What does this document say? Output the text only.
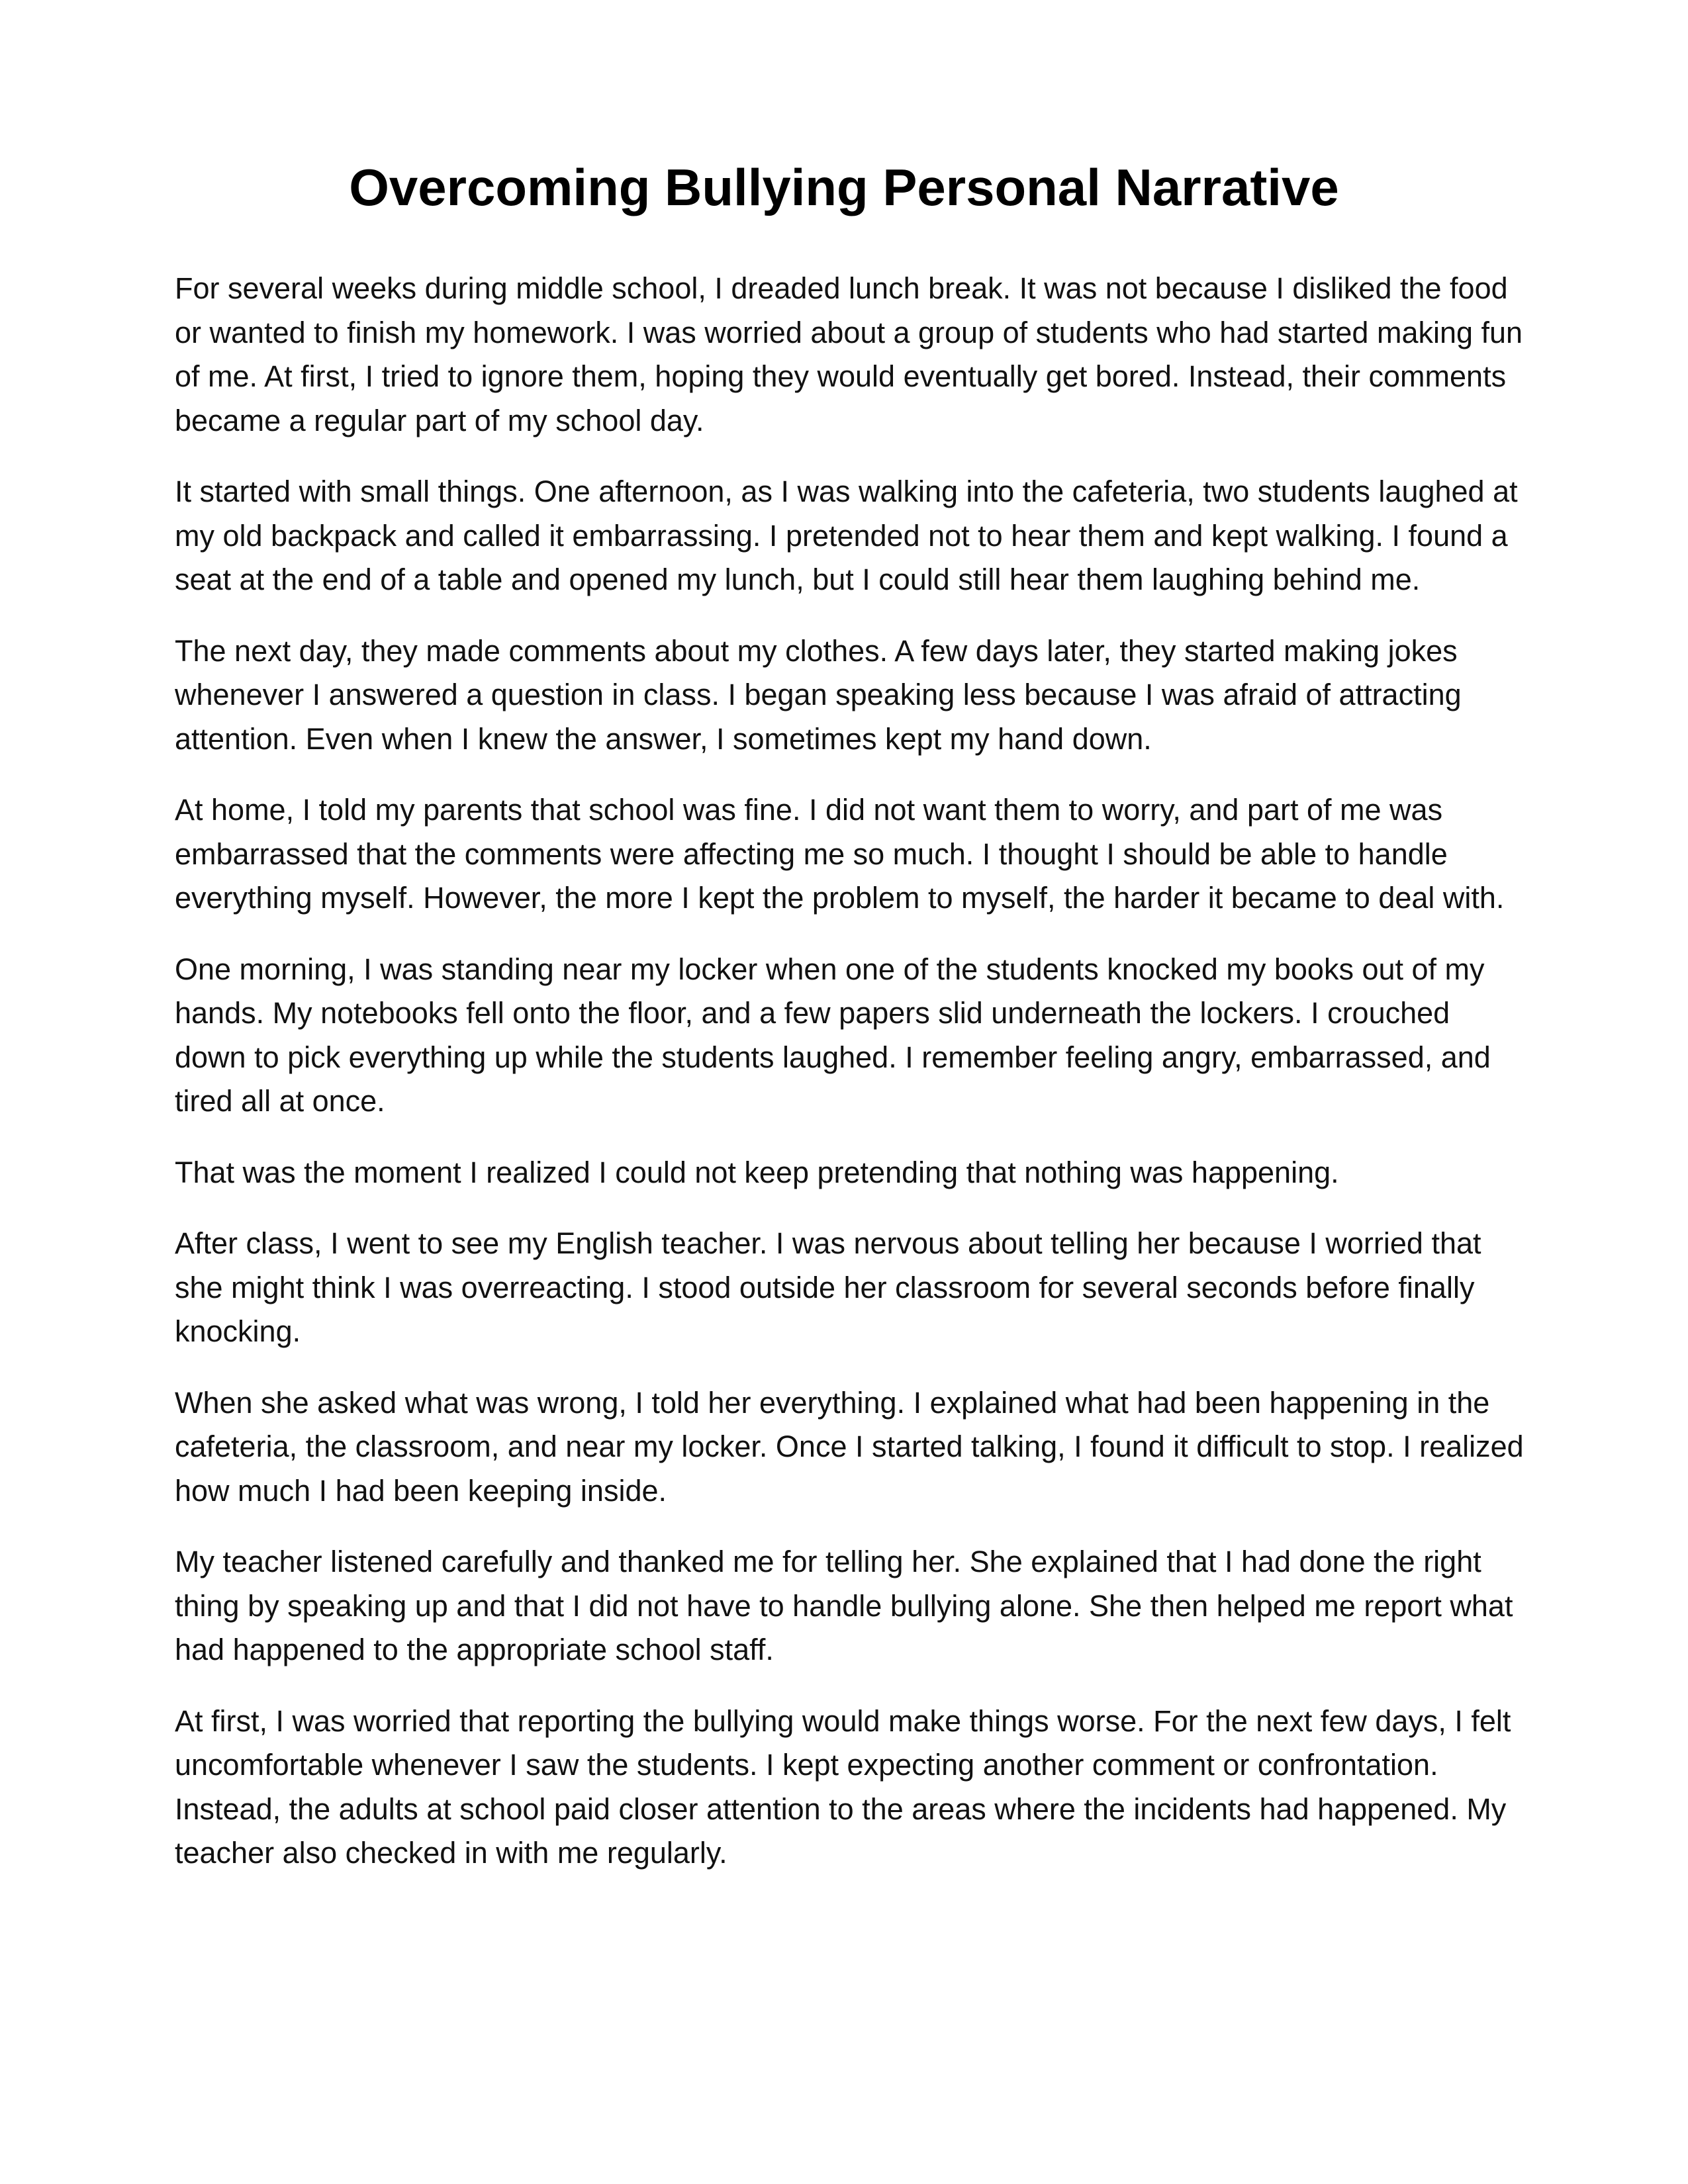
Overcoming Bullying Personal Narrative

For several weeks during middle school, I dreaded lunch break. It was not because I disliked the food or wanted to finish my homework. I was worried about a group of students who had started making fun of me. At first, I tried to ignore them, hoping they would eventually get bored. Instead, their comments became a regular part of my school day.

It started with small things. One afternoon, as I was walking into the cafeteria, two students laughed at my old backpack and called it embarrassing. I pretended not to hear them and kept walking. I found a seat at the end of a table and opened my lunch, but I could still hear them laughing behind me.

The next day, they made comments about my clothes. A few days later, they started making jokes whenever I answered a question in class. I began speaking less because I was afraid of attracting attention. Even when I knew the answer, I sometimes kept my hand down.

At home, I told my parents that school was fine. I did not want them to worry, and part of me was embarrassed that the comments were affecting me so much. I thought I should be able to handle everything myself. However, the more I kept the problem to myself, the harder it became to deal with.

One morning, I was standing near my locker when one of the students knocked my books out of my hands. My notebooks fell onto the floor, and a few papers slid underneath the lockers. I crouched down to pick everything up while the students laughed. I remember feeling angry, embarrassed, and tired all at once.

That was the moment I realized I could not keep pretending that nothing was happening.

After class, I went to see my English teacher. I was nervous about telling her because I worried that she might think I was overreacting. I stood outside her classroom for several seconds before finally knocking.

When she asked what was wrong, I told her everything. I explained what had been happening in the cafeteria, the classroom, and near my locker. Once I started talking, I found it difficult to stop. I realized how much I had been keeping inside.

My teacher listened carefully and thanked me for telling her. She explained that I had done the right thing by speaking up and that I did not have to handle bullying alone. She then helped me report what had happened to the appropriate school staff.

At first, I was worried that reporting the bullying would make things worse. For the next few days, I felt uncomfortable whenever I saw the students. I kept expecting another comment or confrontation. Instead, the adults at school paid closer attention to the areas where the incidents had happened. My teacher also checked in with me regularly.
